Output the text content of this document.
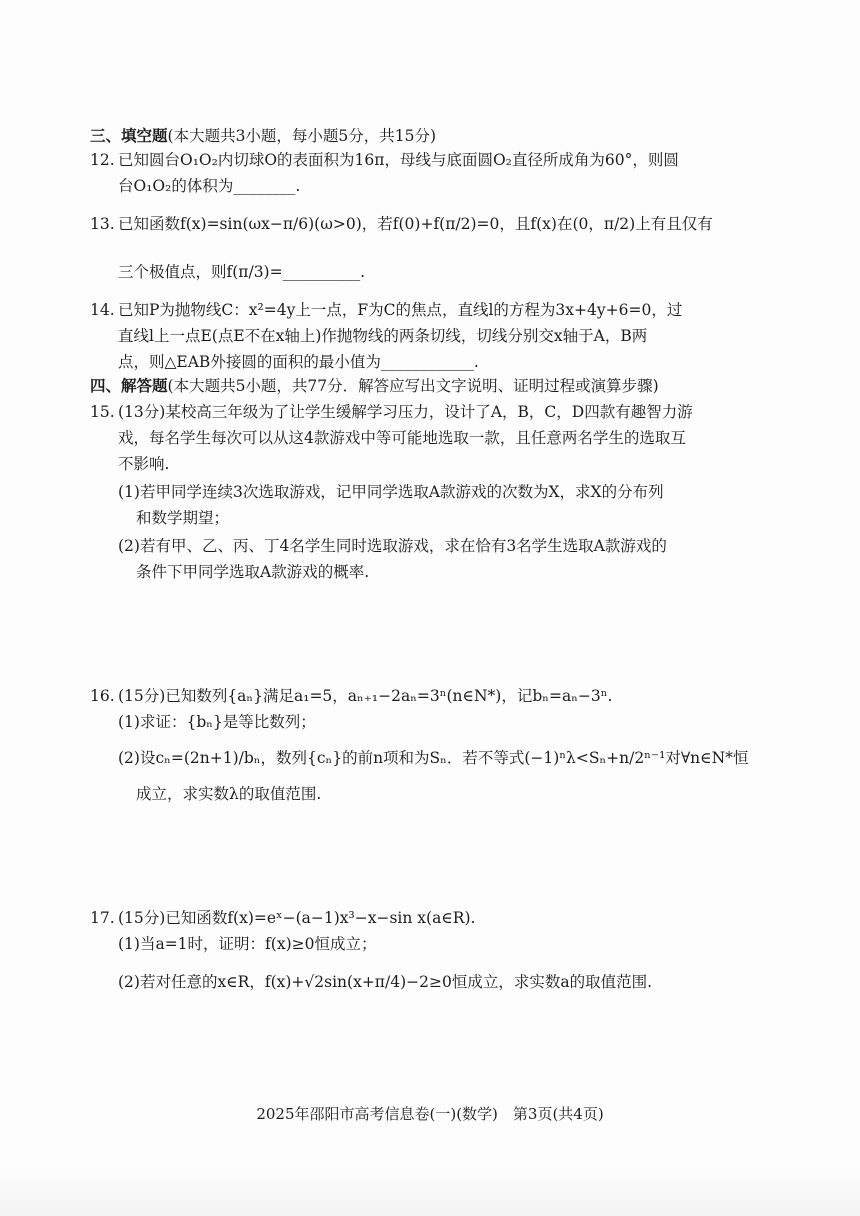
三、填空题(本大题共3小题，每小题5分，共15分)
12. 已知圆台O₁O₂内切球O的表面积为16π，母线与底面圆O₂直径所成角为60°，则圆
台O₁O₂的体积为________.
13. 已知函数f(x)=sin(ωx−π/6)(ω>0)，若f(0)+f(π/2)=0，且f(x)在(0，π/2)上有且仅有
三个极值点，则f(π/3)=__________.
14. 已知P为抛物线C：x²=4y上一点，F为C的焦点，直线l的方程为3x+4y+6=0，过
直线l上一点E(点E不在x轴上)作抛物线的两条切线，切线分别交x轴于A，B两
点，则△EAB外接圆的面积的最小值为____________.
四、解答题(本大题共5小题，共77分．解答应写出文字说明、证明过程或演算步骤)
15. (13分)某校高三年级为了让学生缓解学习压力，设计了A，B，C，D四款有趣智力游
戏，每名学生每次可以从这4款游戏中等可能地选取一款，且任意两名学生的选取互
不影响.
(1)若甲同学连续3次选取游戏，记甲同学选取A款游戏的次数为X，求X的分布列
和数学期望；
(2)若有甲、乙、丙、丁4名学生同时选取游戏，求在恰有3名学生选取A款游戏的
条件下甲同学选取A款游戏的概率.
16. (15分)已知数列{aₙ}满足a₁=5，aₙ₊₁−2aₙ=3ⁿ(n∈N*)，记bₙ=aₙ−3ⁿ.
(1)求证：{bₙ}是等比数列；
(2)设cₙ=(2n+1)/bₙ，数列{cₙ}的前n项和为Sₙ．若不等式(−1)ⁿλ<Sₙ+n/2ⁿ⁻¹对∀n∈N*恒
成立，求实数λ的取值范围.
17. (15分)已知函数f(x)=eˣ−(a−1)x³−x−sin x(a∈R).
(1)当a=1时，证明：f(x)≥0恒成立；
(2)若对任意的x∈R，f(x)+√2sin(x+π/4)−2≥0恒成立，求实数a的取值范围.
2025年邵阳市高考信息卷(一)(数学)　第3页(共4页)
